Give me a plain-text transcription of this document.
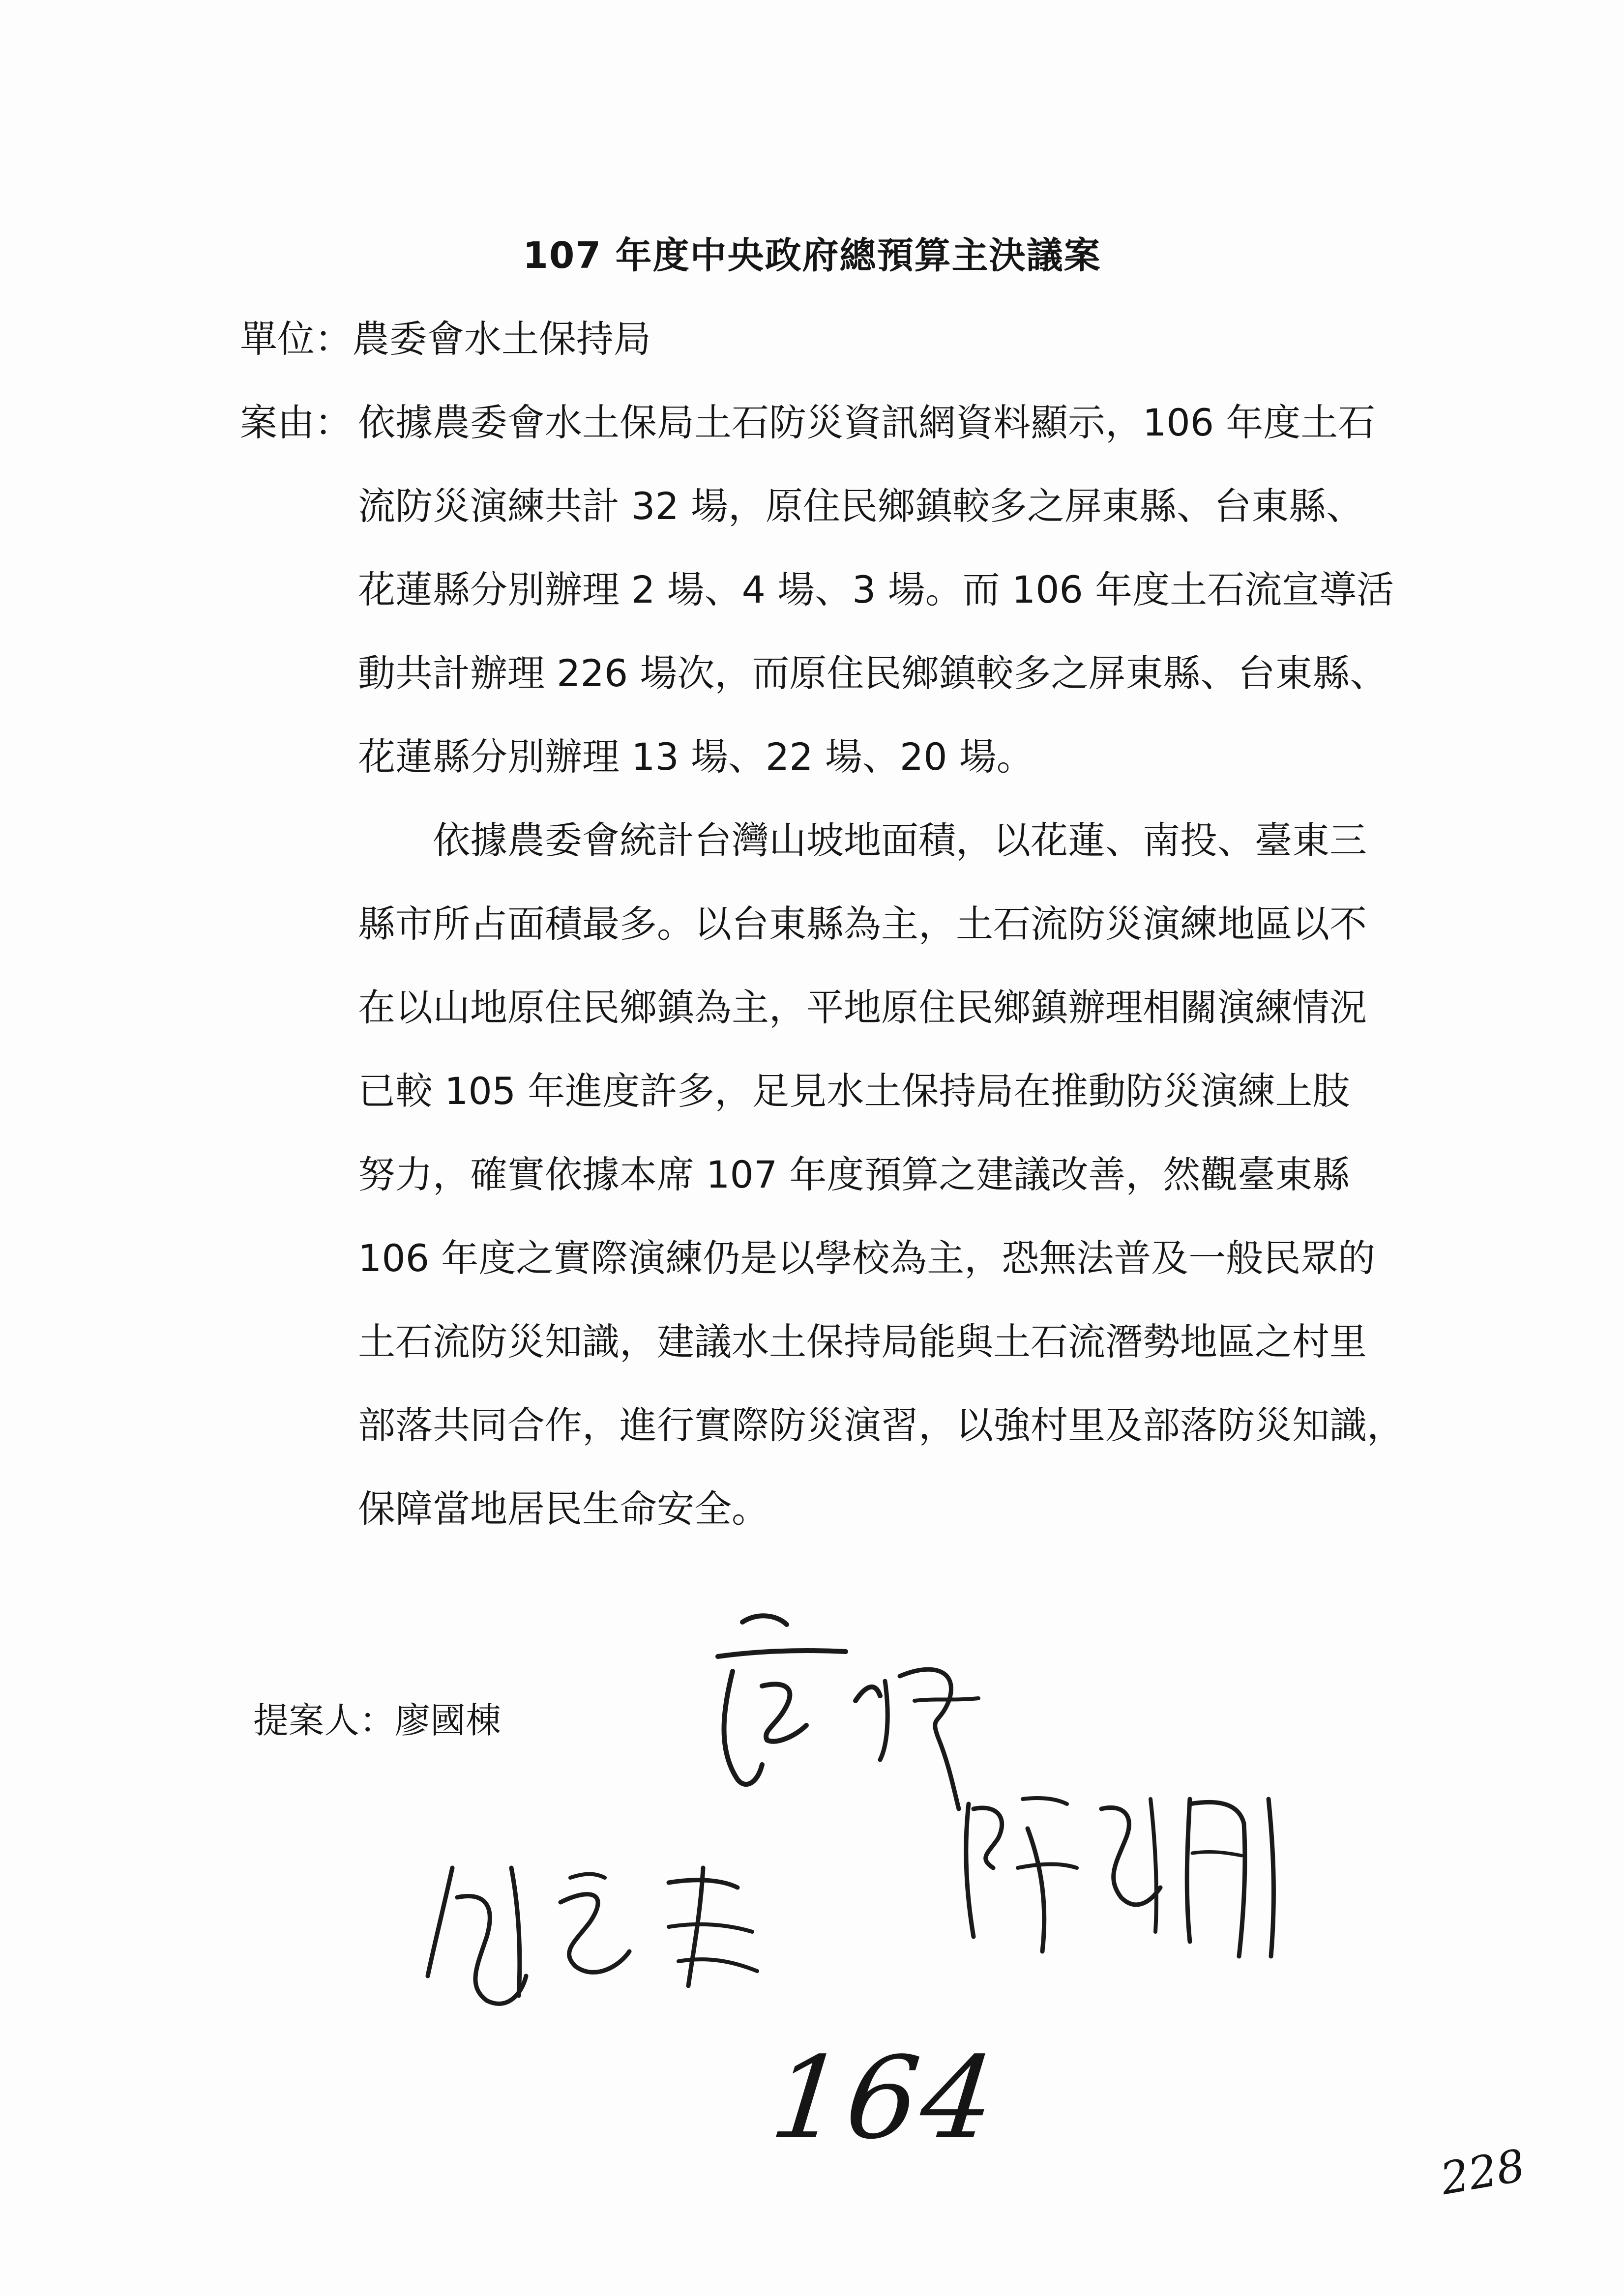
107 年度中央政府總預算主決議案
單位：農委會水土保持局
案由： 依據農委會水土保局土石防災資訊網資料顯示，106 年度土石
流防災演練共計 32 場，原住民鄉鎮較多之屏東縣、台東縣、
花蓮縣分別辦理 2 場、4 場、3 場。而 106 年度土石流宣導活
動共計辦理 226 場次，而原住民鄉鎮較多之屏東縣、台東縣、
花蓮縣分別辦理 13 場、22 場、20 場。
依據農委會統計台灣山坡地面積，以花蓮、南投、臺東三
縣市所占面積最多。以台東縣為主，土石流防災演練地區以不
在以山地原住民鄉鎮為主，平地原住民鄉鎮辦理相關演練情況
已較 105 年進度許多，足見水土保持局在推動防災演練上肢
努力，確實依據本席 107 年度預算之建議改善，然觀臺東縣
106 年度之實際演練仍是以學校為主，恐無法普及一般民眾的
土石流防災知識，建議水土保持局能與土石流潛勢地區之村里
部落共同合作，進行實際防災演習，以強村里及部落防災知識，
保障當地居民生命安全。
提案人：廖國棟
164
228
